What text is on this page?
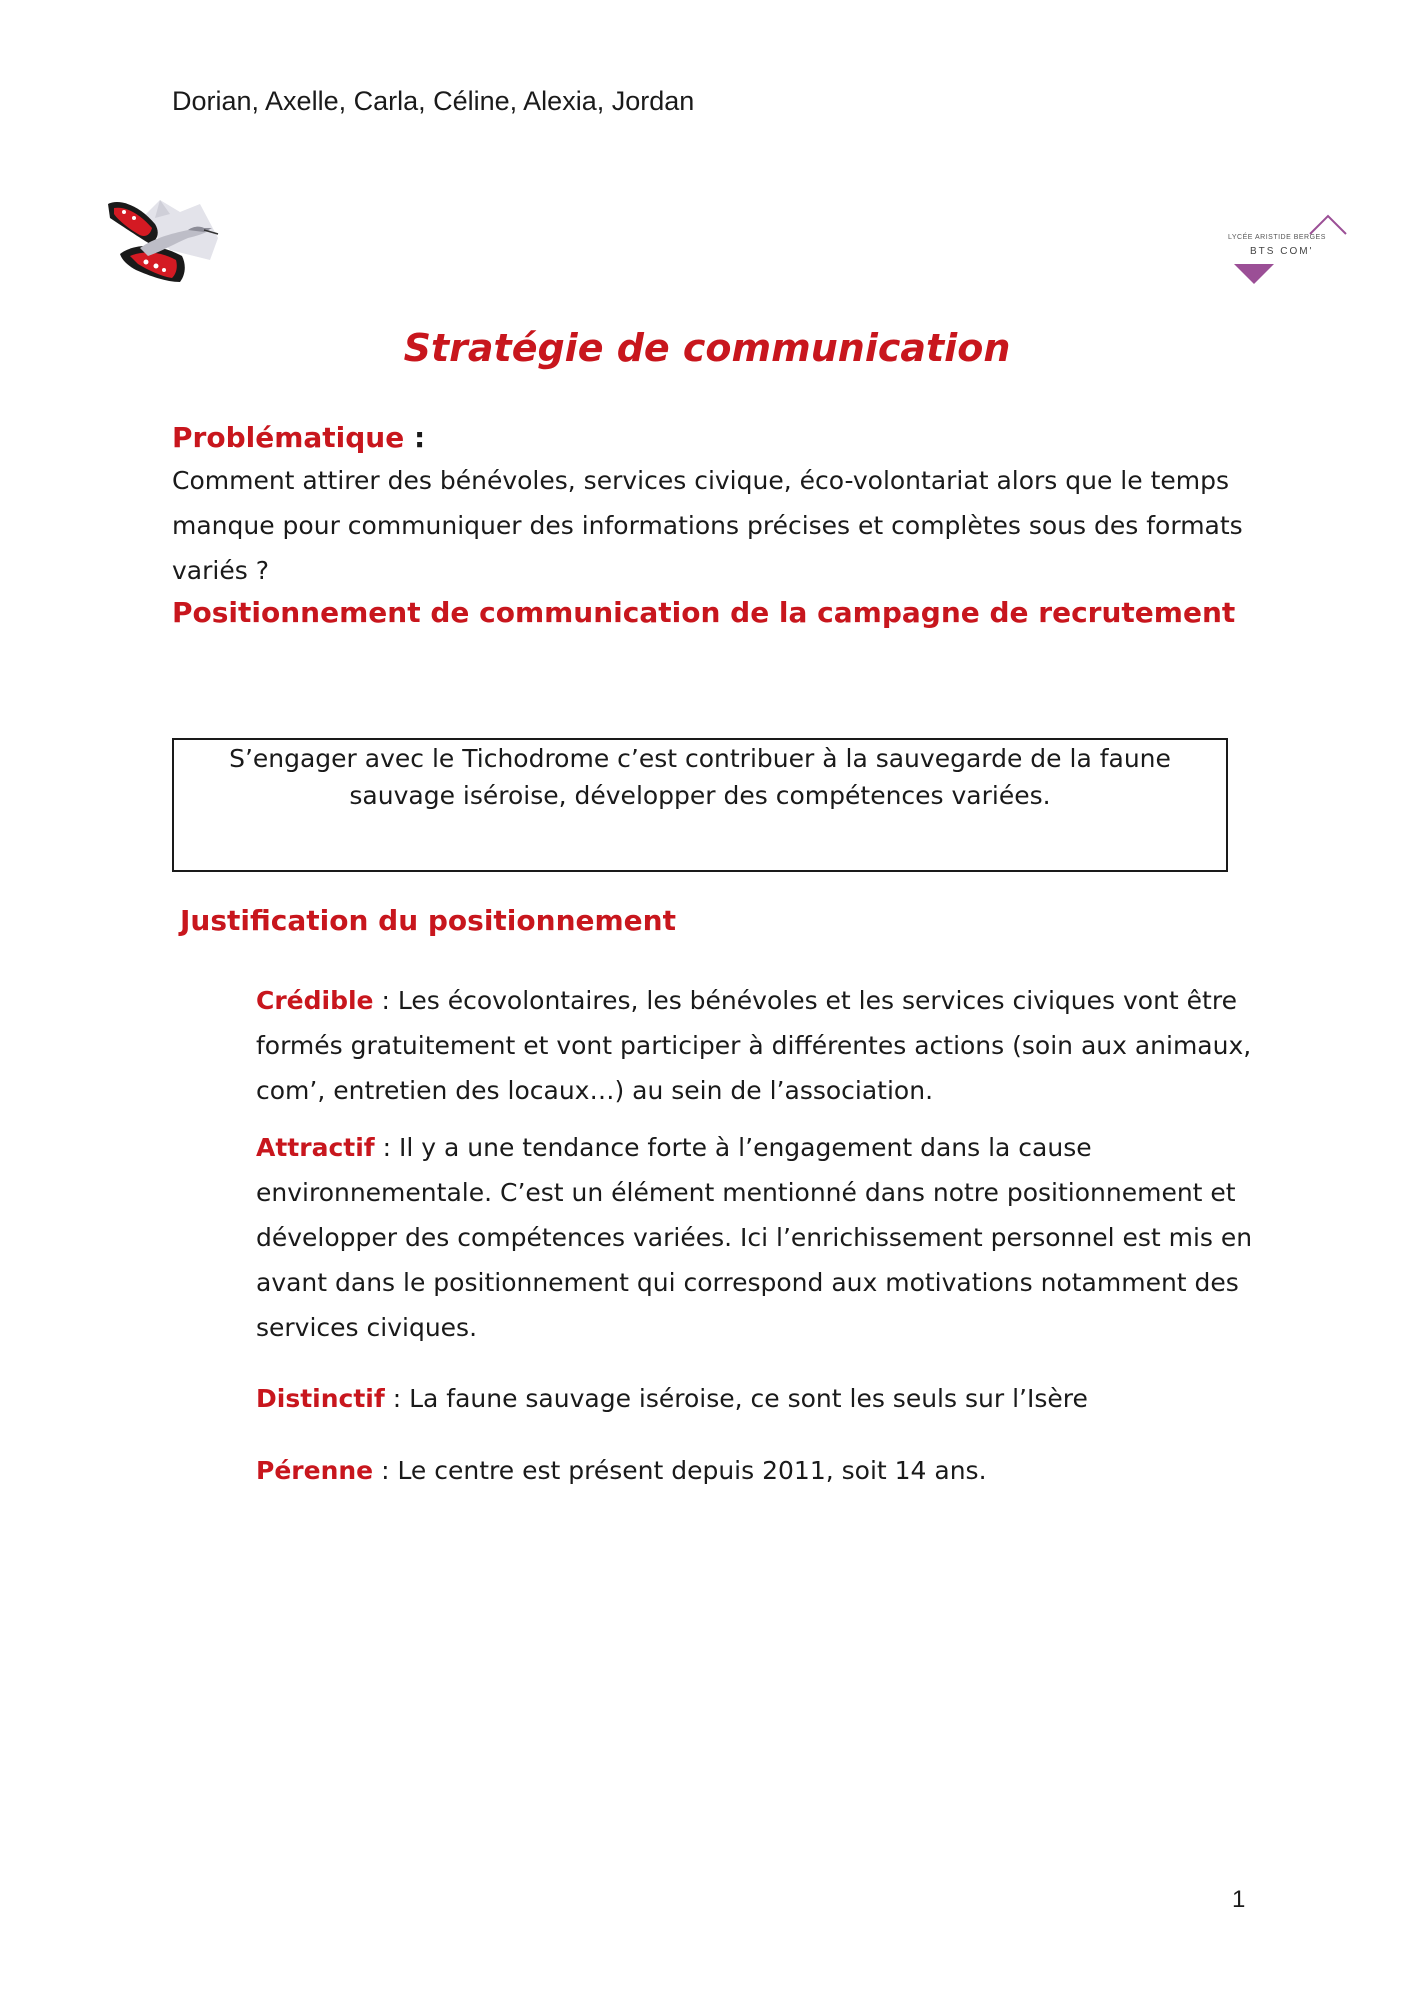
Dorian, Axelle, Carla, Céline, Alexia, Jordan
LYCÉE ARISTIDE BERGES
BTS COM'
Stratégie de communication
Problématique :
Comment attirer des bénévoles, services civique, éco-volontariat alors que le temps manque pour communiquer des informations précises et complètes sous des formats variés ?
Positionnement de communication de la campagne de recrutement
S’engager avec le Tichodrome c’est contribuer à la sauvegarde de la faune sauvage iséroise, développer des compétences variées.
Justification du positionnement
Crédible : Les écovolontaires, les bénévoles et les services civiques vont être formés gratuitement et vont participer à différentes actions (soin aux animaux, com’, entretien des locaux…) au sein de l’association.
Attractif : Il y a une tendance forte à l’engagement dans la cause environnementale. C’est un élément mentionné dans notre positionnement et développer des compétences variées. Ici l’enrichissement personnel est mis en avant dans le positionnement qui correspond aux motivations notamment des services civiques.
Distinctif : La faune sauvage iséroise, ce sont les seuls sur l’Isère
Pérenne : Le centre est présent depuis 2011, soit 14 ans.
1
